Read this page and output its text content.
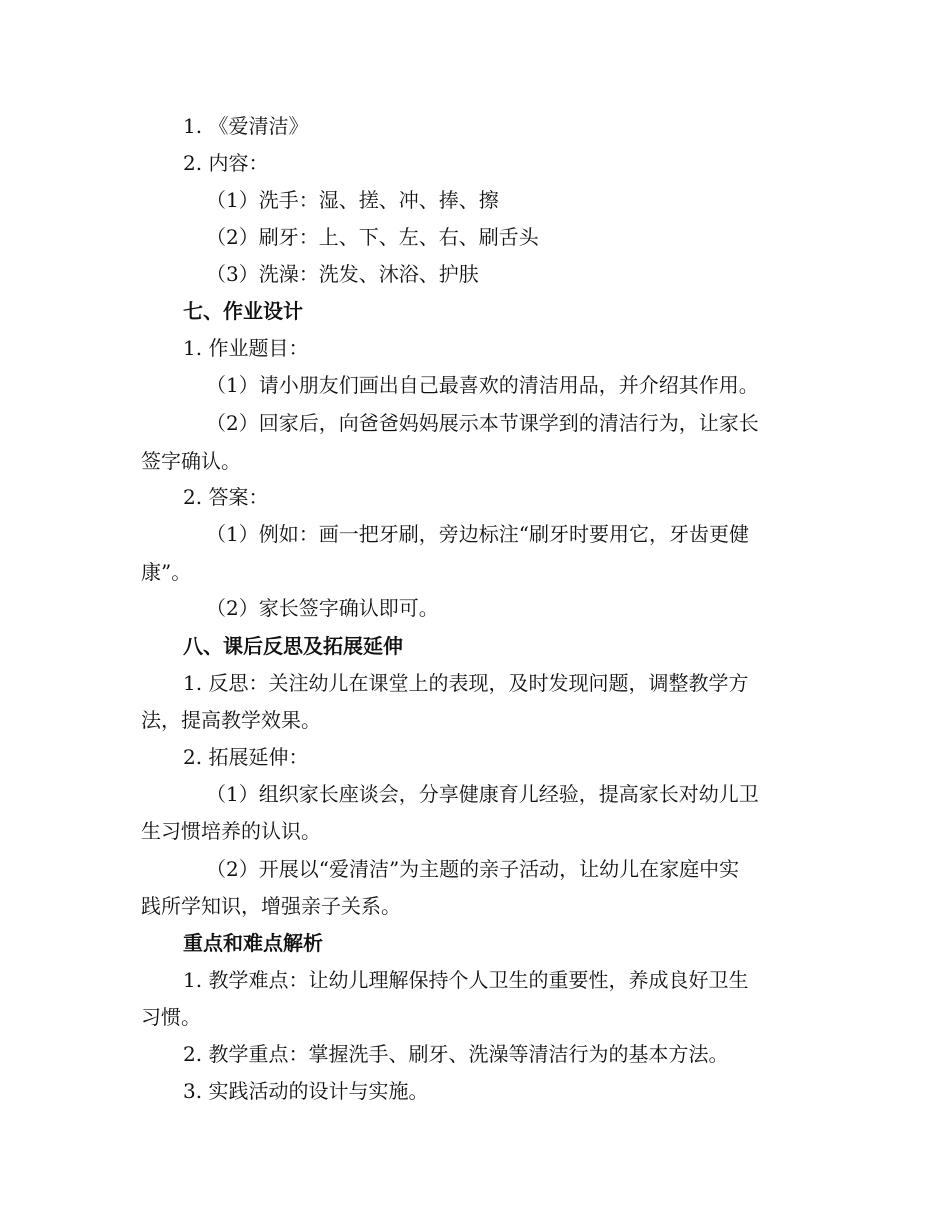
1. 《爱清洁》
2. 内容：
（1）洗手：湿、搓、冲、捧、擦
（2）刷牙：上、下、左、右、刷舌头
（3）洗澡：洗发、沐浴、护肤
七、作业设计
1. 作业题目：
（1）请小朋友们画出自己最喜欢的清洁用品，并介绍其作用。
（2）回家后，向爸爸妈妈展示本节课学到的清洁行为，让家长
签字确认。
2. 答案：
（1）例如：画一把牙刷，旁边标注“刷牙时要用它，牙齿更健
康”。
（2）家长签字确认即可。
八、课后反思及拓展延伸
1. 反思：关注幼儿在课堂上的表现，及时发现问题，调整教学方
法，提高教学效果。
2. 拓展延伸：
（1）组织家长座谈会，分享健康育儿经验，提高家长对幼儿卫
生习惯培养的认识。
（2）开展以“爱清洁”为主题的亲子活动，让幼儿在家庭中实
践所学知识，增强亲子关系。
重点和难点解析
1. 教学难点：让幼儿理解保持个人卫生的重要性，养成良好卫生
习惯。
2. 教学重点：掌握洗手、刷牙、洗澡等清洁行为的基本方法。
3. 实践活动的设计与实施。
